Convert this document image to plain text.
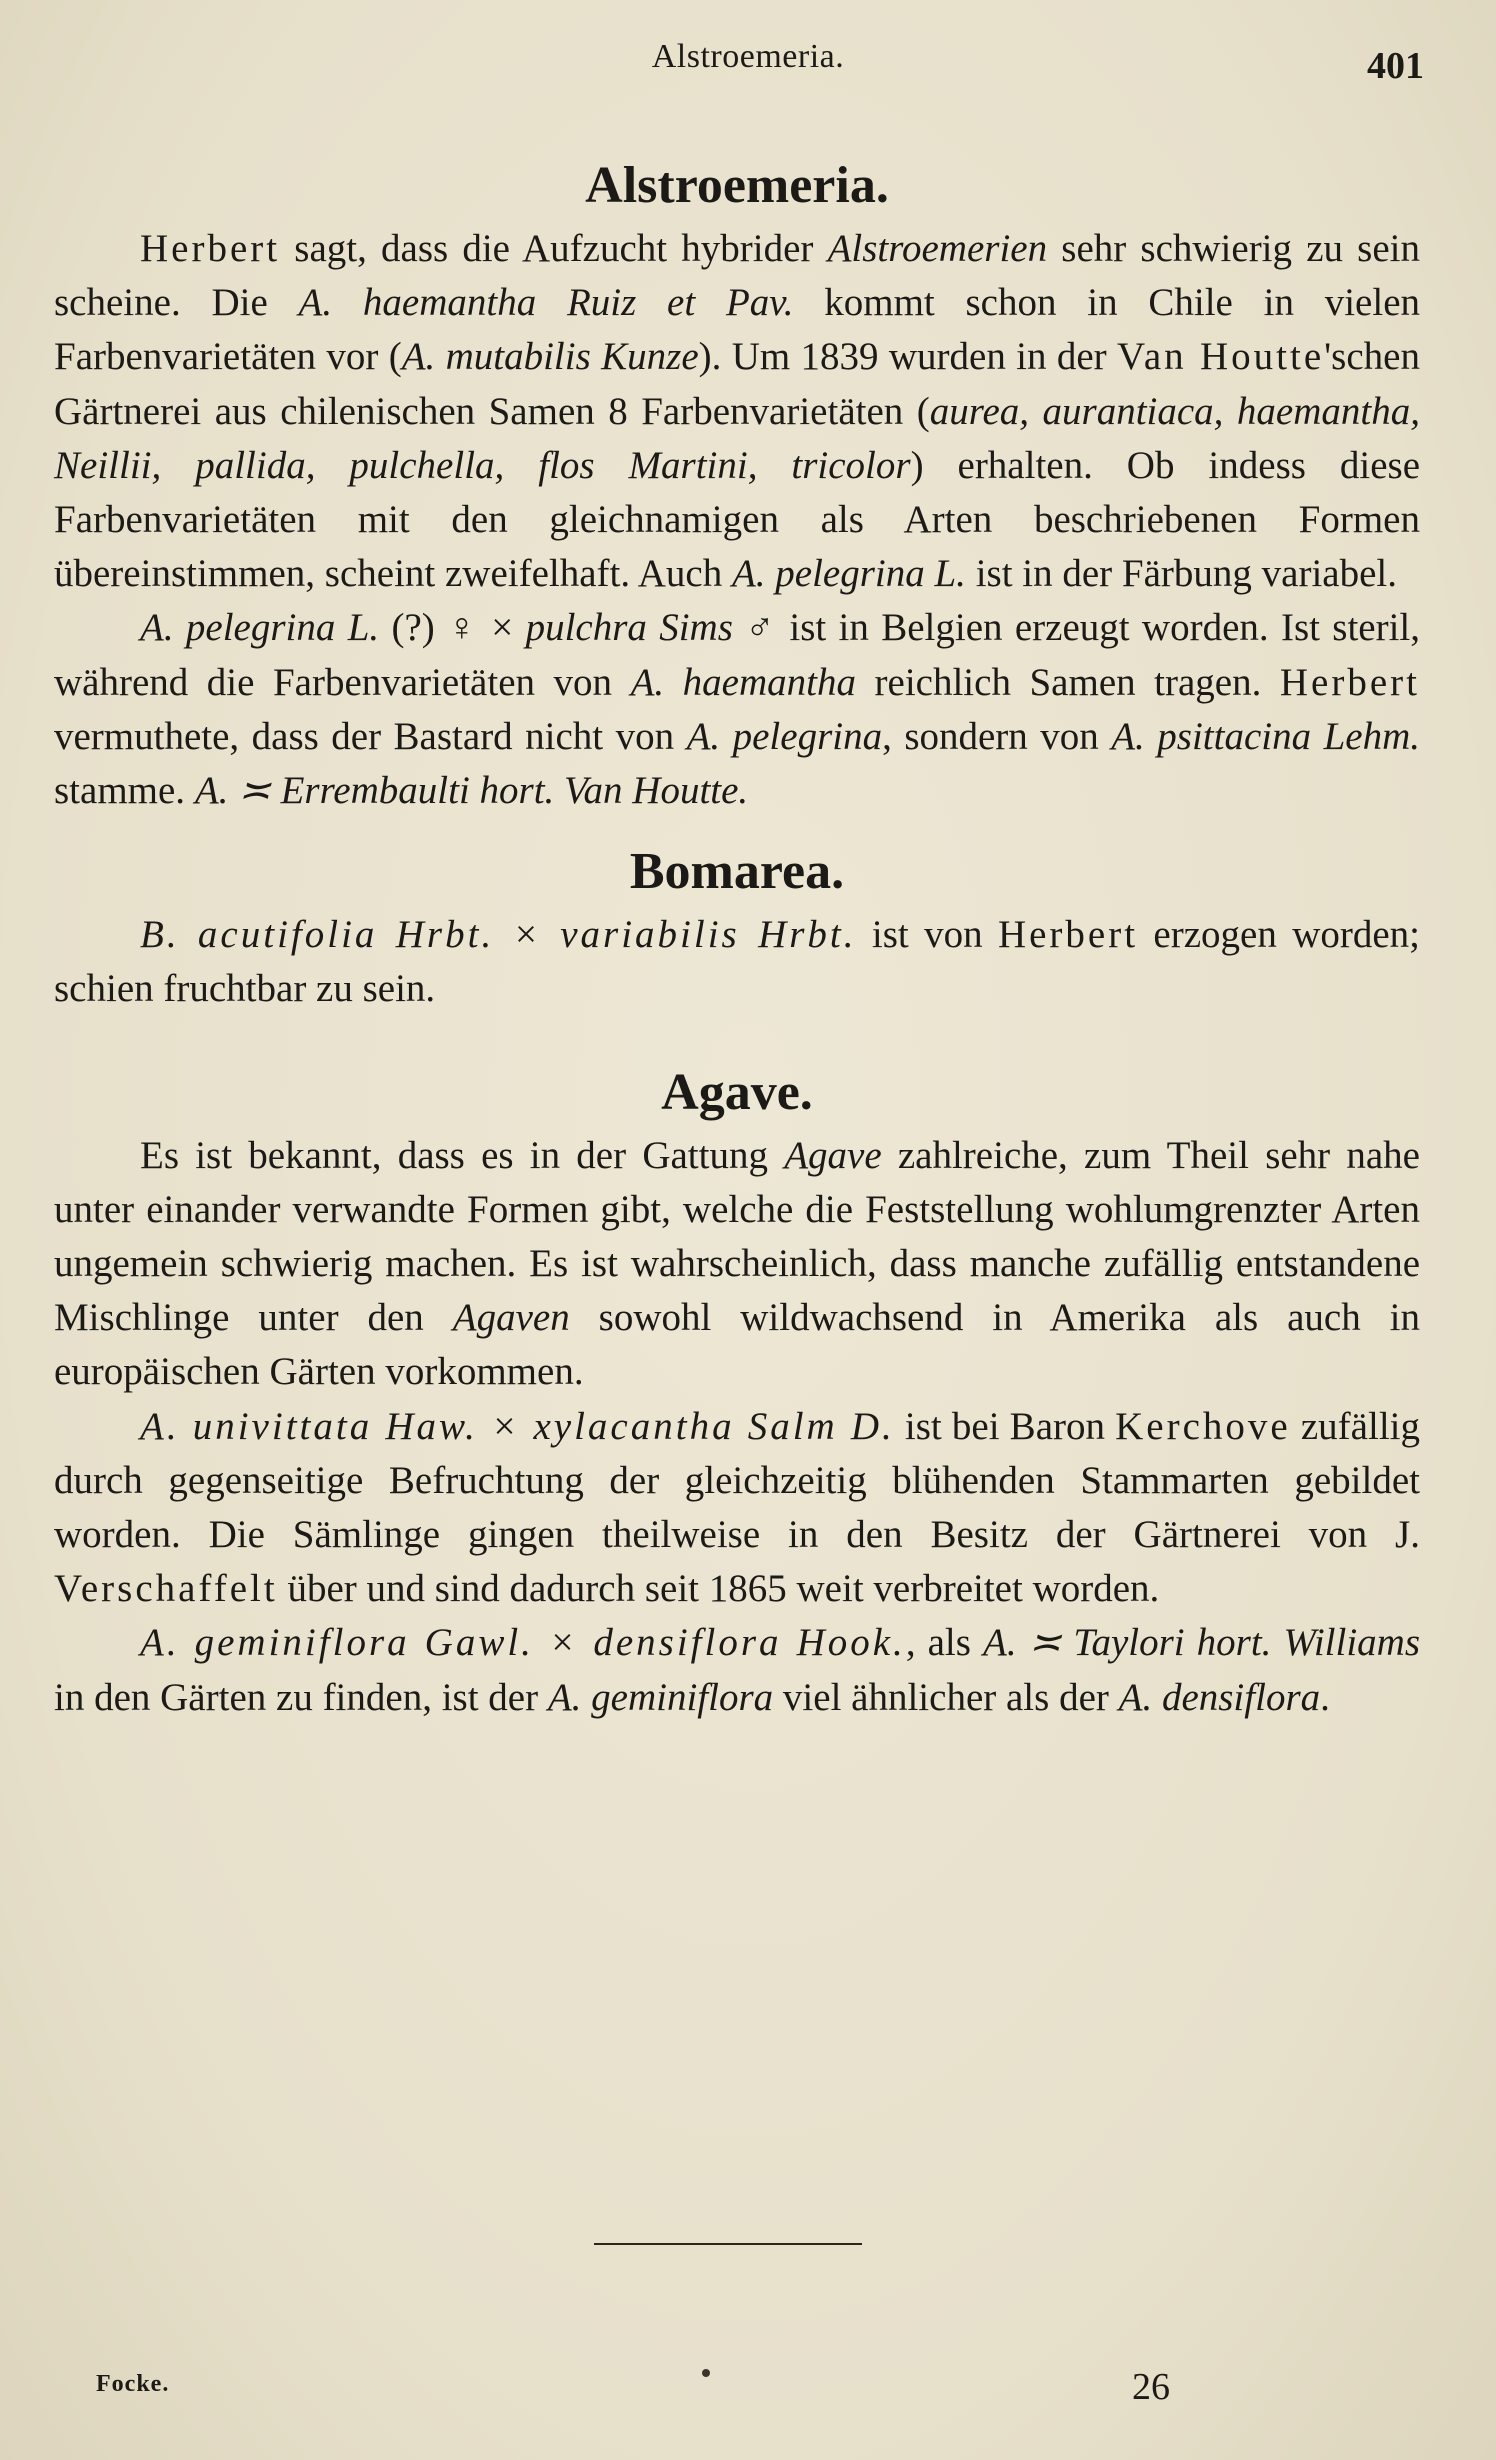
Alstroemeria.	401
Alstroemeria.

Herbert sagt, dass die Aufzucht hybrider Alstroemerien sehr schwierig zu sein scheine. Die A. haemantha Ruiz et Pav. kommt schon in Chile in vielen Farbenvarietäten vor (A. mutabilis Kunze). Um 1839 wurden in der Van Houtte'schen Gärtnerei aus chilenischen Samen 8 Farbenvarietäten (aurea, aurantiaca, haemantha, Neillii, pallida, pulchella, flos Martini, tricolor) erhalten. Ob indess diese Farbenvarietäten mit den gleichnamigen als Arten beschriebenen Formen übereinstimmen, scheint zweifelhaft. Auch A. pelegrina L. ist in der Färbung variabel.

A. pelegrina L. (?) ♀ × pulchra Sims ♂ ist in Belgien erzeugt worden. Ist steril, während die Farbenvarietäten von A. haemantha reichlich Samen tragen. Herbert vermuthete, dass der Bastard nicht von A. pelegrina, sondern von A. psittacina Lehm. stamme. A. ≍ Errembaulti hort. Van Houtte.

Bomarea.

B. acutifolia Hrbt. × variabilis Hrbt. ist von Herbert erzogen worden; schien fruchtbar zu sein.

Agave.

Es ist bekannt, dass es in der Gattung Agave zahlreiche, zum Theil sehr nahe unter einander verwandte Formen gibt, welche die Feststellung wohlumgrenzter Arten ungemein schwierig machen. Es ist wahrscheinlich, dass manche zufällig entstandene Mischlinge unter den Agaven sowohl wildwachsend in Amerika als auch in europäischen Gärten vorkommen.

A. univittata Haw. × xylacantha Salm D. ist bei Baron Kerchove zufällig durch gegenseitige Befruchtung der gleichzeitig blühenden Stammarten gebildet worden. Die Sämlinge gingen theilweise in den Besitz der Gärtnerei von J. Verschaffelt über und sind dadurch seit 1865 weit verbreitet worden.

A. geminiflora Gawl. × densiflora Hook., als A. ≍ Taylori hort. Williams in den Gärten zu finden, ist der A. geminiflora viel ähnlicher als der A. densiflora.

Focke.	26
